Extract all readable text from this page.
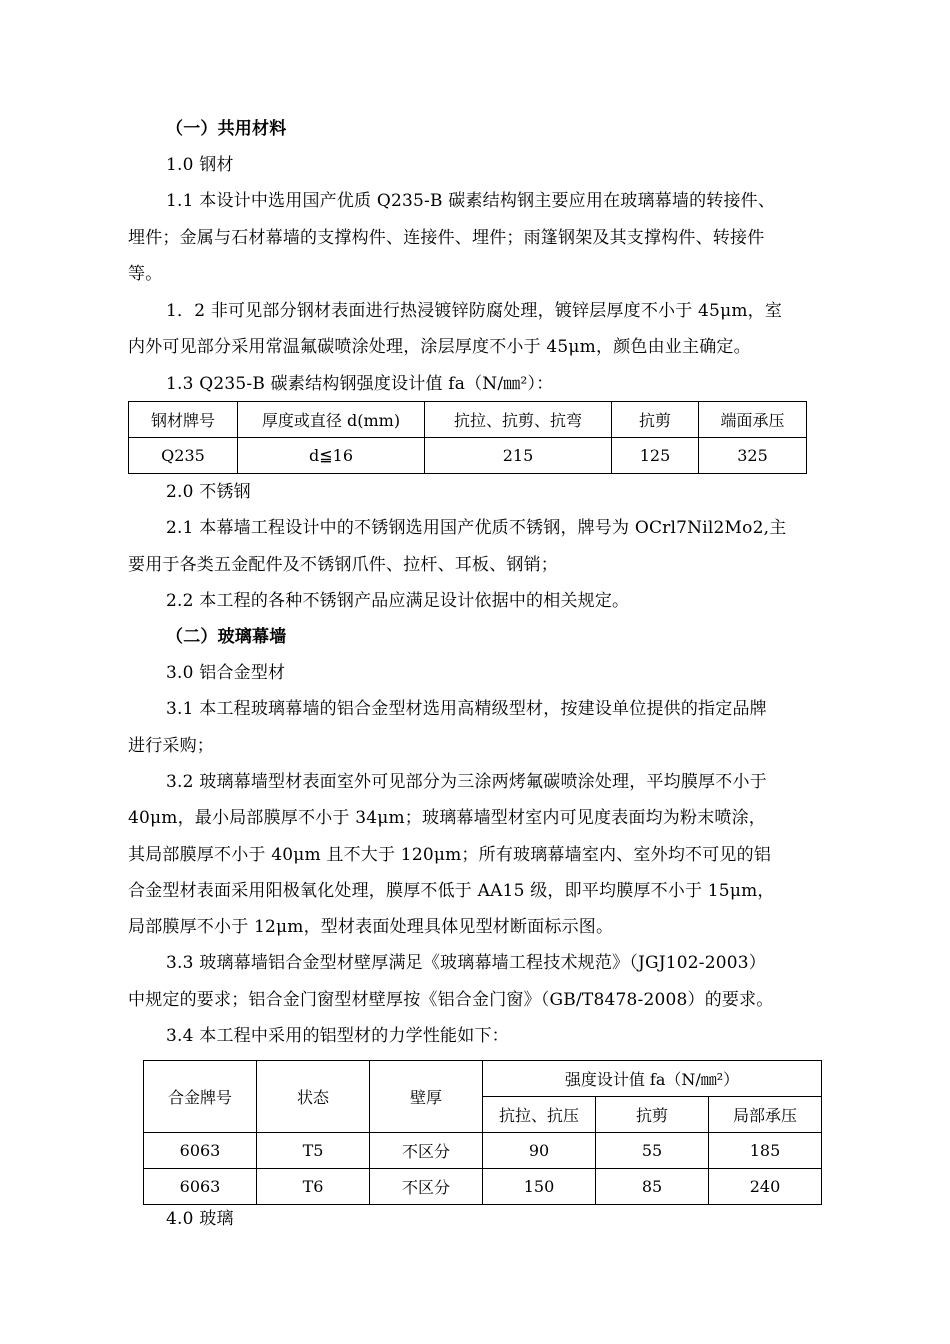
（一）共用材料
1.0 钢材
1.1 本设计中选用国产优质 Q235-B 碳素结构钢主要应用在玻璃幕墙的转接件、
埋件；金属与石材幕墙的支撑构件、连接件、埋件；雨篷钢架及其支撑构件、转接件
等。
1．2 非可见部分钢材表面进行热浸镀锌防腐处理，镀锌层厚度不小于 45μm，室
内外可见部分采用常温氟碳喷涂处理，涂层厚度不小于 45μm，颜色由业主确定。
1.3 Q235-B 碳素结构钢强度设计值 fa（N/㎜²）：
钢材牌号	厚度或直径 d(mm)	抗拉、抗剪、抗弯	抗剪	端面承压
Q235	d≦16	215	125	325
2.0 不锈钢
2.1 本幕墙工程设计中的不锈钢选用国产优质不锈钢，牌号为 OCrl7Nil2Mo2,主
要用于各类五金配件及不锈钢爪件、拉杆、耳板、钢销；
2.2 本工程的各种不锈钢产品应满足设计依据中的相关规定。
（二）玻璃幕墙
3.0 铝合金型材
3.1 本工程玻璃幕墙的铝合金型材选用高精级型材，按建设单位提供的指定品牌
进行采购；
3.2 玻璃幕墙型材表面室外可见部分为三涂两烤氟碳喷涂处理，平均膜厚不小于
40μm，最小局部膜厚不小于 34μm；玻璃幕墙型材室内可见度表面均为粉末喷涂，
其局部膜厚不小于 40μm 且不大于 120μm；所有玻璃幕墙室内、室外均不可见的铝
合金型材表面采用阳极氧化处理，膜厚不低于 AA15 级，即平均膜厚不小于 15μm，
局部膜厚不小于 12μm，型材表面处理具体见型材断面标示图。
3.3 玻璃幕墙铝合金型材壁厚满足《玻璃幕墙工程技术规范》（JGJ102-2003）
中规定的要求；铝合金门窗型材壁厚按《铝合金门窗》（GB/T8478-2008）的要求。
3.4 本工程中采用的铝型材的力学性能如下：
合金牌号	状态	壁厚	强度设计值 fa（N/㎜²）		
			抗拉、抗压	抗剪	局部承压
6063	T5	不区分	90	55	185
6063	T6	不区分	150	85	240
4.0 玻璃
